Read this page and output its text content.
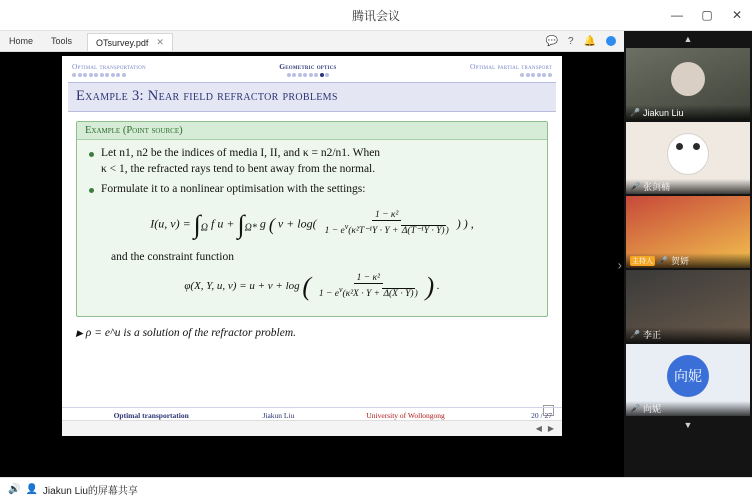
腾讯会议	—	▢	✕
Home	Tools	OTsurvey.pdf ✕	💬 ? 🔔
Optimal transportation	Geometric optics	Optimal partial transport
Example 3: Near field refractor problems
Example (Point source)
Let n1, n2 be the indices of media I, II, and κ = n2/n1. When
κ < 1, the refracted rays tend to bent away from the normal.
Formulate it to a nonlinear optimisation with the settings:
I(u, $v) = \int_\Omega$ f $u + \int_{\Omega*}$ g ( $v + \log( \frac{\text{1 − κ²}}{1 - e^v(\kappa^2T^{-1}Y \cdot Y + \Delta(T^{-1}Y \cdot Y))}$ ) ) ,
and the constraint function
φ(X, Y, u, v) = u + v + log ( $\frac{\text{1 − κ²}}{1 - e^v(\kappa^2X \cdot Y + \Delta(X \cdot Y))}$ ) .
▶ ρ = e^u is a solution of the refractor problem.
Optimal transportation	Jiakun Liu	University of Wollongong	20 / 27
◀ ▶
›
▲
🎤 Jiakun Liu
🎤 张剑楠
主持人 🎤 贺妍
🎤 李正
向妮
🎤 向妮
▼
🔊 👤 Jiakun Liu的屏幕共享
